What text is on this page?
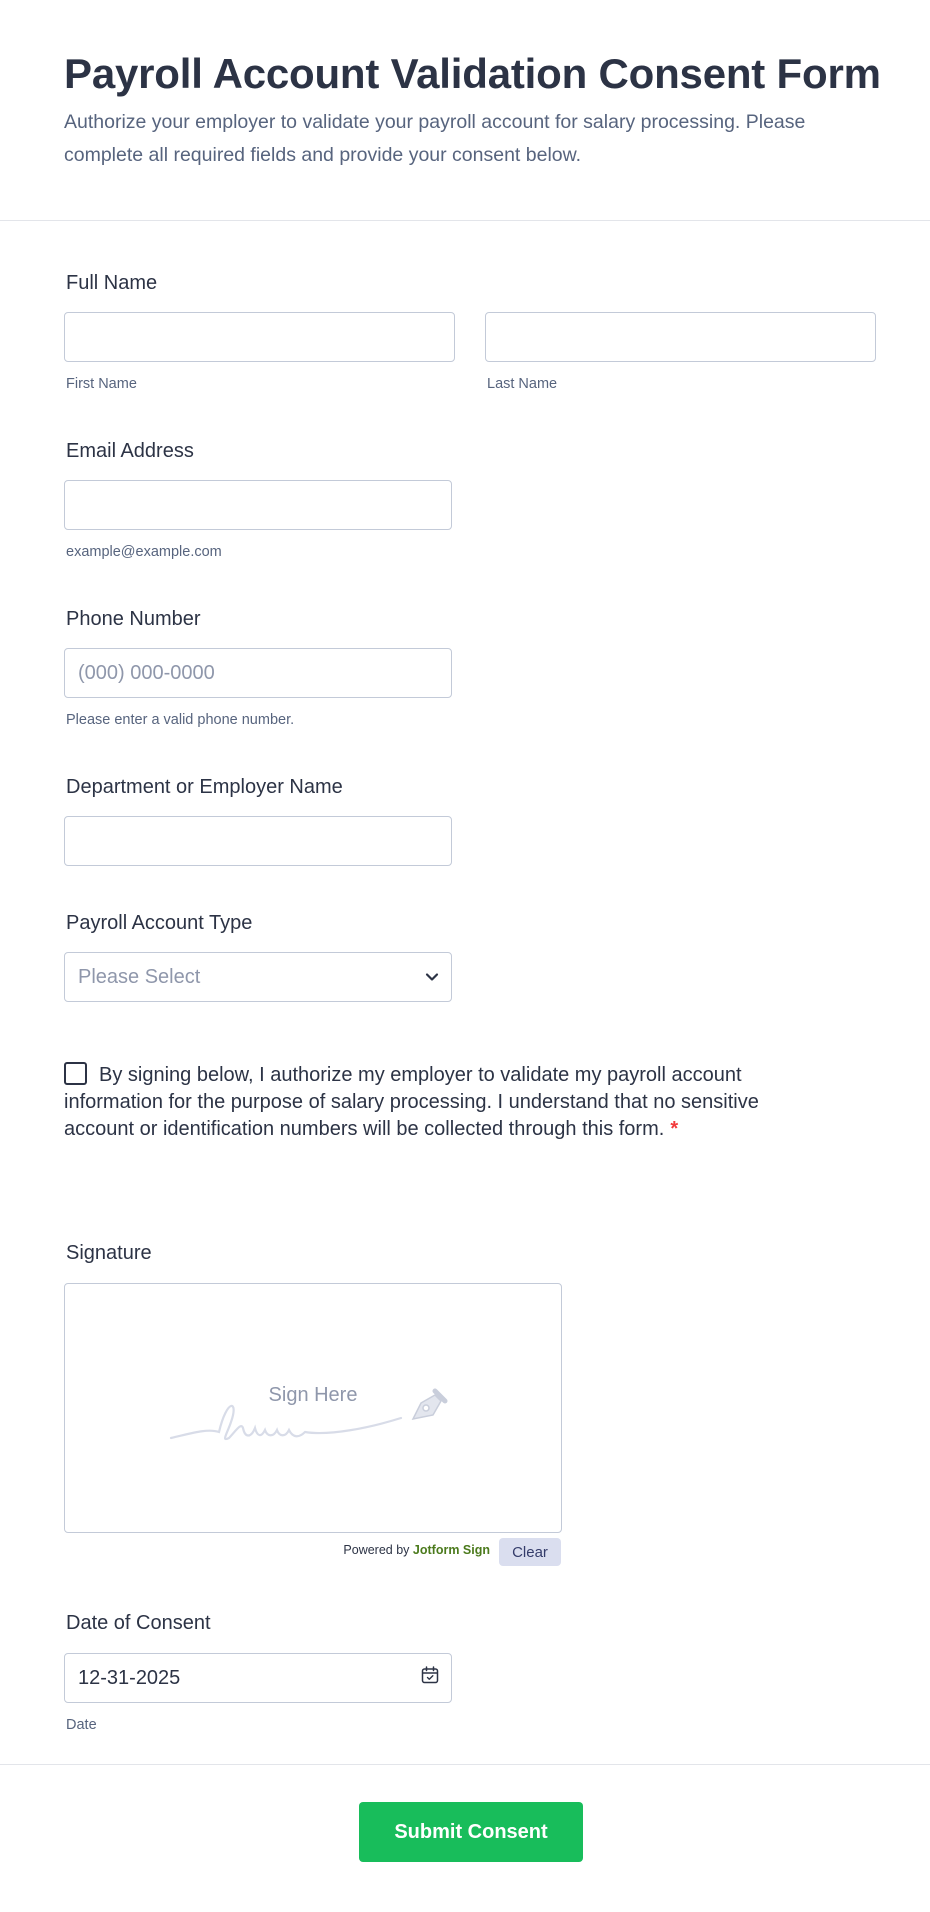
Payroll Account Validation Consent Form
Authorize your employer to validate your payroll account for salary processing. Please complete all required fields and provide your consent below.
Full Name
First Name	Last Name
Email Address
example@example.com
Phone Number
(000) 000-0000
Please enter a valid phone number.
Department or Employer Name
Payroll Account Type
Please Select
By signing below, I authorize my employer to validate my payroll account information for the purpose of salary processing. I understand that no sensitive account or identification numbers will be collected through this form. *
Signature
Sign Here
Powered by Jotform Sign	Clear
Date of Consent
12-31-2025
Date
Submit Consent
